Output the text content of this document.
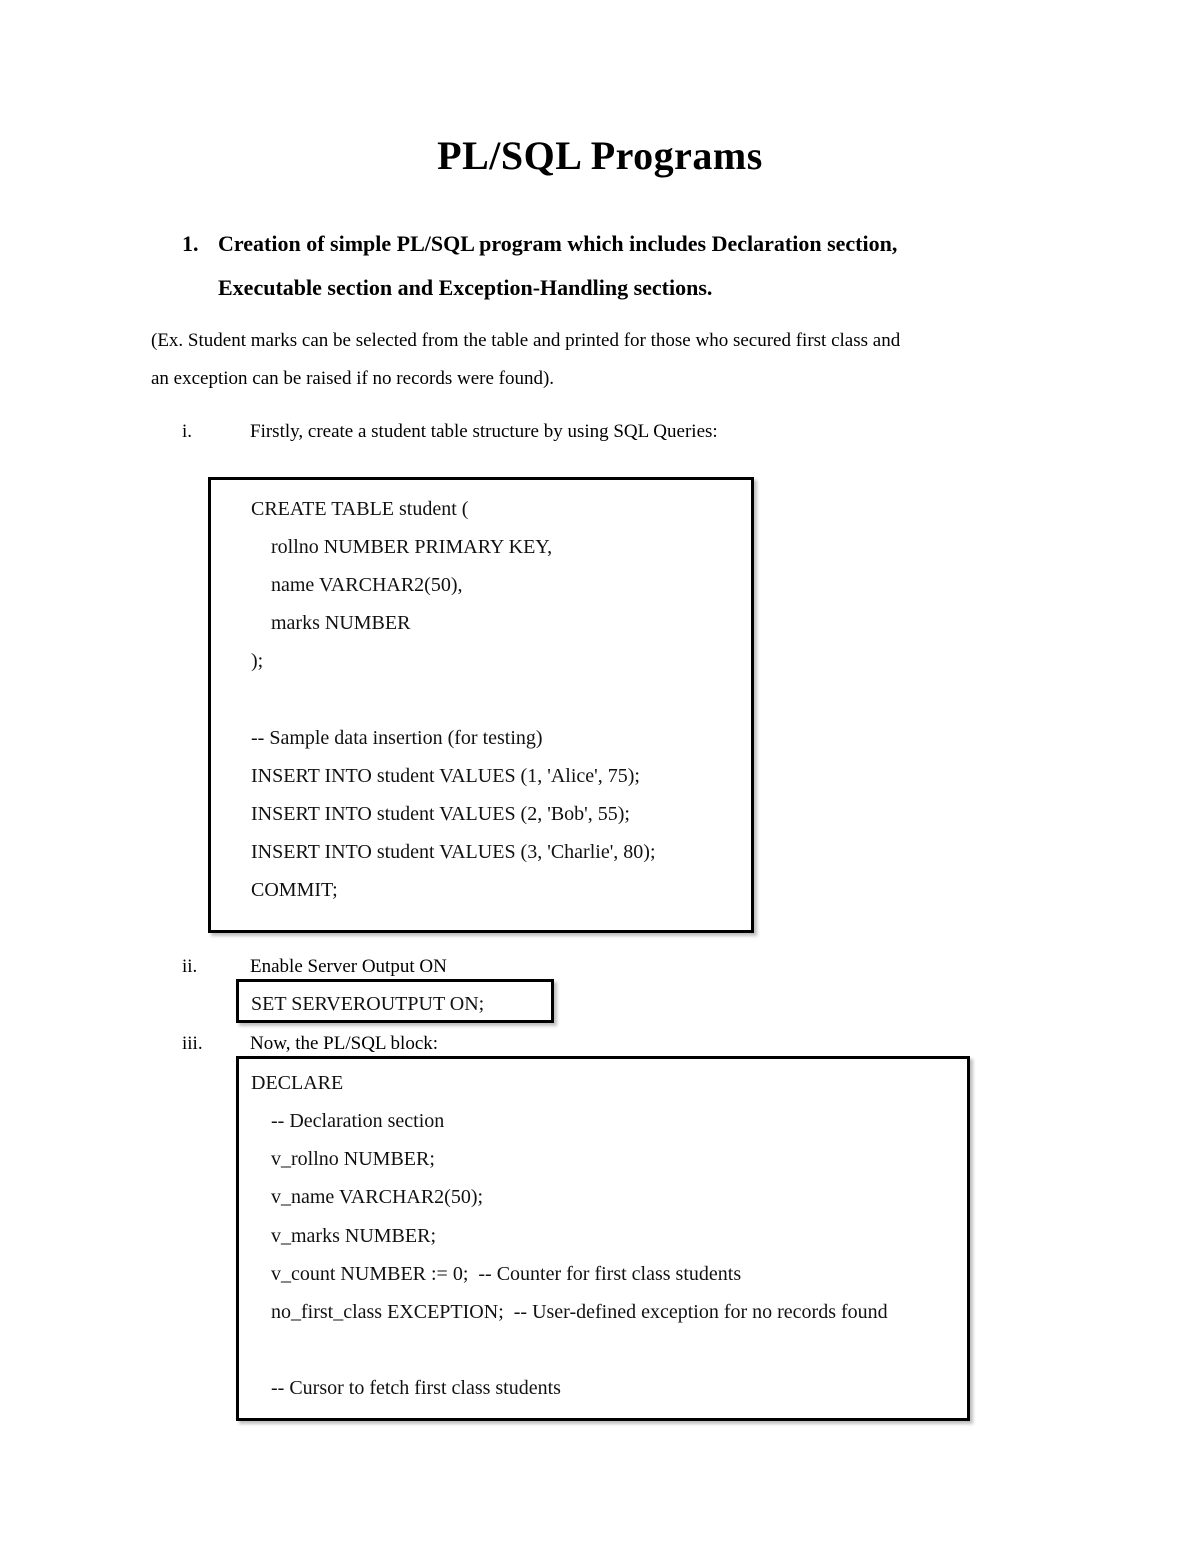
PL/SQL Programs
1. Creation of simple PL/SQL program which includes Declaration section,
Executable section and Exception-Handling sections.
(Ex. Student marks can be selected from the table and printed for those who secured first class and
an exception can be raised if no records were found).
i.	Firstly, create a student table structure by using SQL Queries:
CREATE TABLE student (
rollno NUMBER PRIMARY KEY,
name VARCHAR2(50),
marks NUMBER
);
-- Sample data insertion (for testing)
INSERT INTO student VALUES (1, 'Alice', 75);
INSERT INTO student VALUES (2, 'Bob', 55);
INSERT INTO student VALUES (3, 'Charlie', 80);
COMMIT;
ii.	Enable Server Output ON
SET SERVEROUTPUT ON;
iii. Now, the PL/SQL block:
DECLARE
-- Declaration section
v_rollno NUMBER;
v_name VARCHAR2(50);
v_marks NUMBER;
v_count NUMBER := 0;  -- Counter for first class students
no_first_class EXCEPTION;  -- User-defined exception for no records found
-- Cursor to fetch first class students
